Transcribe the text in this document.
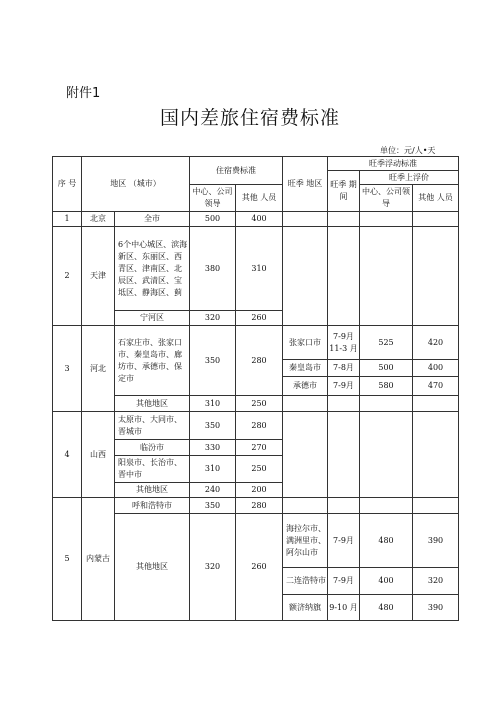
附件1
国内差旅住宿费标准
单位：元/人•天
序 号	地区 （城市）		住宿费标准		旺季 地区	旺季浮动标准		
						旺季 期间	旺季上浮价	
			中心、公司领导	其他 人员			中心、公司领导	其他 人员
1	北京	全市	500	400				
2	天津	6个中心城区、滨海新区、东丽区、西青区、津南区、北辰区、武清区、宝坻区、静海区、蓟	380	310				
		宁河区	320	260				
3	河北	石家庄市、张家口市、秦皇岛市、廊坊市、承德市、保定市	350	280	张家口市	7-9月 11-3 月	525	420
					秦皇岛市	7-8月	500	400
					承德市	7-9月	580	470
		其他地区	310	250				
4	山西	太原市、大同市、晋城市	350	280				
		临汾市	330	270				
		阳泉市、长治市、晋中市	310	250				
		其他地区	240	200				
5	内蒙古	呼和浩特市	350	280				
		其他地区	320	260	海拉尔市、满洲里市、阿尔山市	7-9月	480	390
					二连浩特市	7-9月	400	320
					额济纳旗	9-10 月	480	390
